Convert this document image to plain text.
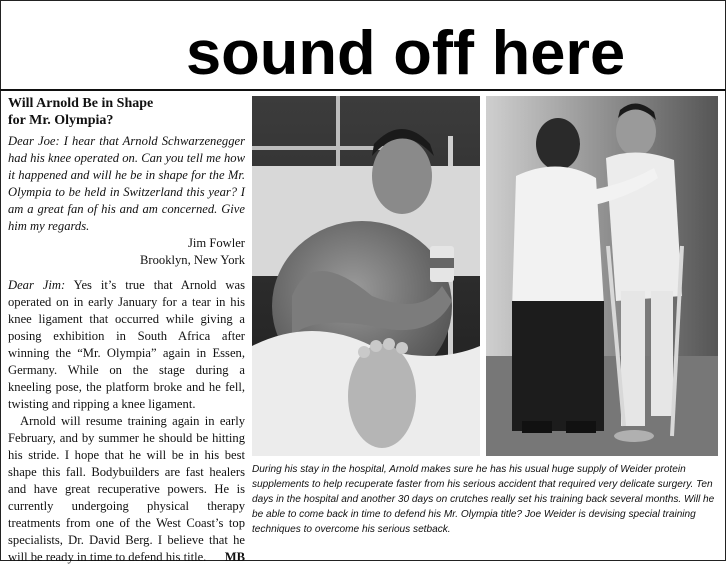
sound off here
Will Arnold Be in Shape
for Mr. Olympia?

Dear Joe: I hear that Arnold Schwarzenegger had his knee operated on. Can you tell me how it happened and will he be in shape for the Mr. Olympia to be held in Switzerland this year? I am a great fan of his and am concerned. Give him my regards.

Jim Fowler

Brooklyn, New York

Dear Jim: Yes it’s true that Arnold was operated on in early January for a tear in his knee ligament that occurred while giving a posing exhibition in South Africa after winning the “Mr. Olympia” again in Essen, Germany. While on the stage during a kneeling pose, the platform broke and he fell, twisting and ripping a knee ligament.

Arnold will resume training again in early February, and by summer he should be hitting his stride. I hope that he will be in his best shape this fall. Bodybuilders are fast healers and have great recuperative powers. He is currently undergoing physical therapy treatments from one of the West Coast’s top specialists, Dr. David Berg. I believe that he will be ready in time to defend his title.	MB

During his stay in the hospital, Arnold makes sure he has his usual huge supply of Weider protein supplements to help recuperate faster from his serious accident that required very delicate surgery. Ten days in the hospital and another 30 days on crutches really set his training back several months. Will he be able to come back in time to defend his Mr. Olympia title? Joe Weider is devising special training techniques to overcome his serious setback.
